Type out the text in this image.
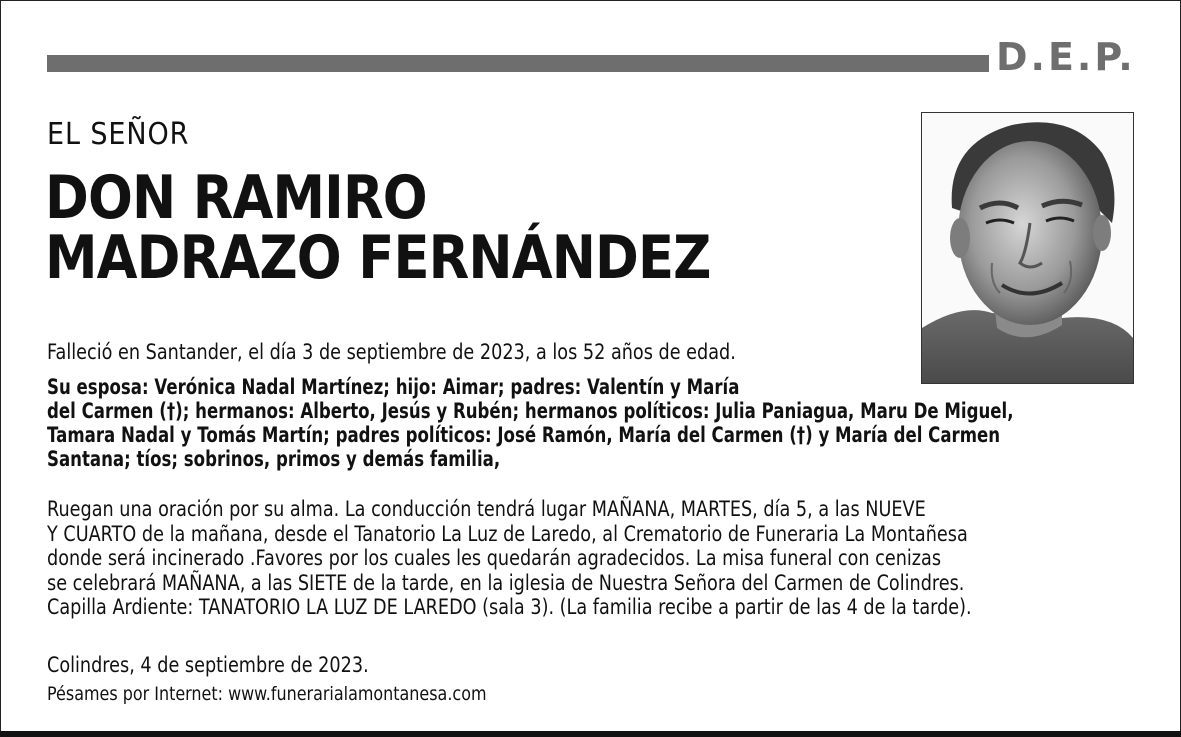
D.E.P.
EL SEÑOR
DON RAMIRO
MADRAZO FERNÁNDEZ
Falleció en Santander, el día 3 de septiembre de 2023, a los 52 años de edad.
Su esposa: Verónica Nadal Martínez; hijo: Aimar; padres: Valentín y María
del Carmen (†); hermanos: Alberto, Jesús y Rubén; hermanos políticos: Julia Paniagua, Maru De Miguel,
Tamara Nadal y Tomás Martín; padres políticos: José Ramón, María del Carmen (†) y María del Carmen
Santana; tíos; sobrinos, primos y demás familia,
Ruegan una oración por su alma. La conducción tendrá lugar MAÑANA, MARTES, día 5, a las NUEVE
Y CUARTO de la mañana, desde el Tanatorio La Luz de Laredo, al Crematorio de Funeraria La Montañesa
donde será incinerado .Favores por los cuales les quedarán agradecidos. La misa funeral con cenizas
se celebrará MAÑANA, a las SIETE de la tarde, en la iglesia de Nuestra Señora del Carmen de Colindres.
Capilla Ardiente: TANATORIO LA LUZ DE LAREDO (sala 3). (La familia recibe a partir de las 4 de la tarde).
Colindres, 4 de septiembre de 2023.
Pésames por Internet: www.funerarialamontanesa.com
